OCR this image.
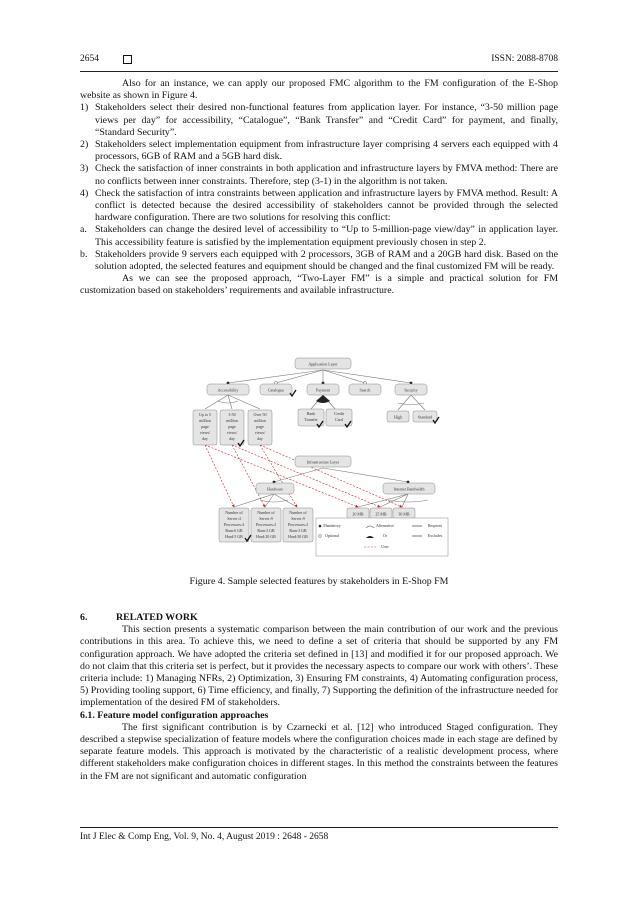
2654	ISSN: 2088-8708

Also for an instance, we can apply our proposed FMC algorithm to the FM configuration of the E-Shop website as shown in Figure 4.

1) Stakeholders select their desired non-functional features from application layer. For instance, “3-50 million page views per day” for accessibility, “Catalogue”, “Bank Transfer” and “Credit Card” for payment, and finally, “Standard Security”.
2) Stakeholders select implementation equipment from infrastructure layer comprising 4 servers each equipped with 4 processors, 6GB of RAM and a 5GB hard disk.
3) Check the satisfaction of inner constraints in both application and infrastructure layers by FMVA method: There are no conflicts between inner constraints. Therefore, step (3-1) in the algorithm is not taken.
4) Check the satisfaction of intra constraints between application and infrastructure layers by FMVA method. Result: A conflict is detected because the desired accessibility of stakeholders cannot be provided through the selected hardware configuration. There are two solutions for resolving this conflict:
a. Stakeholders can change the desired level of accessibility to “Up to 5-million-page view/day” in application layer. This accessibility feature is satisfied by the implementation equipment previously chosen in step 2.
b. Stakeholders provide 9 servers each equipped with 2 processors, 3GB of RAM and a 20GB hard disk. Based on the solution adopted, the selected features and equipment should be changed and the final customized FM will be ready.

As we can see the proposed approach, “Two-Layer FM” is a simple and practical solution for FM customization based on stakeholders’ requirements and available infrastructure.

Application Layer
Accessibility	Catalogue	Payment	Search	Security
Up to 5
million
page
views/
day
3-50
million
page
views/
day
Over 50
million
page
views/
day
Bank
Transfer
Credit
Card	High	Standard
Infrastructure Layer
Hardware	Internet Bandwidth
20 MB	25 MB	30 MB
Number of
Server:4
Processors:4
Ram:6 GB
Hard:5 GB
Number of
Server:9
Processors:2
Ram:3 GB
Hard:20 GB
Number of
Server:9
Processors:2
Ram:3 GB
Hard:50 GB
Mandatory	Alternative	Requires
Optional	Or	Excludes
User
Figure 4. Sample selected features by stakeholders in E-Shop FM

6.	RELATED WORK

This section presents a systematic comparison between the main contribution of our work and the previous contributions in this area. To achieve this, we need to define a set of criteria that should be supported by any FM configuration approach. We have adopted the criteria set defined in [13] and modified it for our proposed approach. We do not claim that this criteria set is perfect, but it provides the necessary aspects to compare our work with others’. These criteria include: 1) Managing NFRs, 2) Optimization, 3) Ensuring FM constraints, 4) Automating configuration process, 5) Providing tooling support, 6) Time efficiency, and finally, 7) Supporting the definition of the infrastructure needed for implementation of the desired FM of stakeholders.

6.1. Feature model configuration approaches

The first significant contribution is by Czarnecki et al. [12] who introduced Staged configuration. They described a stepwise specialization of feature models where the configuration choices made in each stage are defined by separate feature models. This approach is motivated by the characteristic of a realistic development process, where different stakeholders make configuration choices in different stages. In this method the constraints between the features in the FM are not significant and automatic configuration

Int J Elec & Comp Eng, Vol. 9, No. 4, August 2019 : 2648 - 2658
